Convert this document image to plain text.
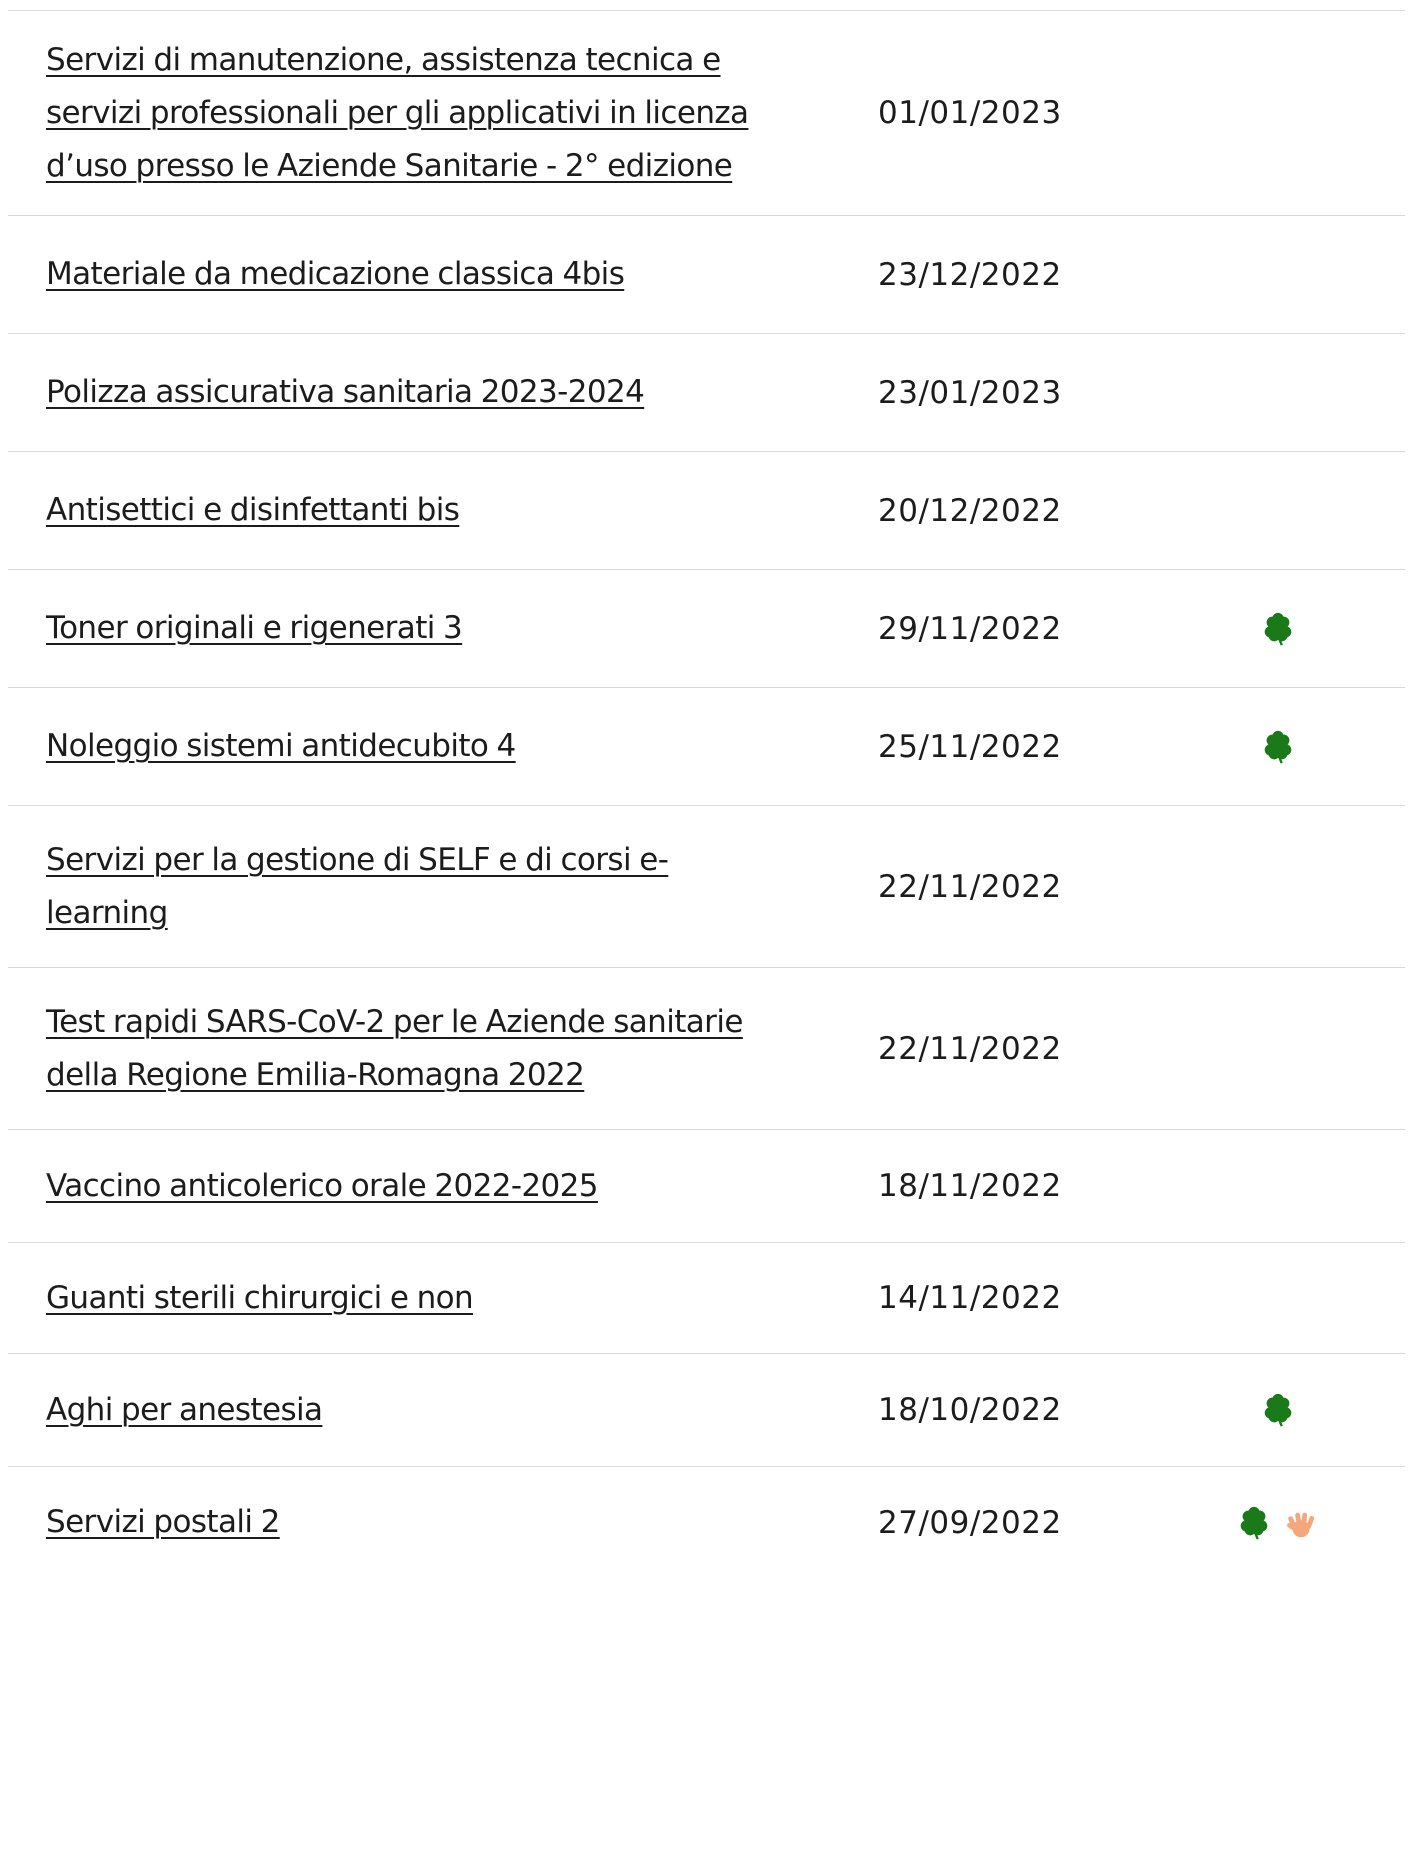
Servizi di manutenzione, assistenza tecnica e
servizi professionali per gli applicativi in licenza
d’uso presso le Aziende Sanitarie - 2° edizione
01/01/2023
Materiale da medicazione classica 4bis	23/12/2022
Polizza assicurativa sanitaria 2023-2024	23/01/2023
Antisettici e disinfettanti bis	20/12/2022
Toner originali e rigenerati 3	29/11/2022
Noleggio sistemi antidecubito 4	25/11/2022
Servizi per la gestione di SELF e di corsi e-
learning
22/11/2022
Test rapidi SARS-CoV-2 per le Aziende sanitarie
della Regione Emilia-Romagna 2022
22/11/2022
Vaccino anticolerico orale 2022-2025	18/11/2022
Guanti sterili chirurgici e non	14/11/2022
Aghi per anestesia	18/10/2022
Servizi postali 2	27/09/2022
